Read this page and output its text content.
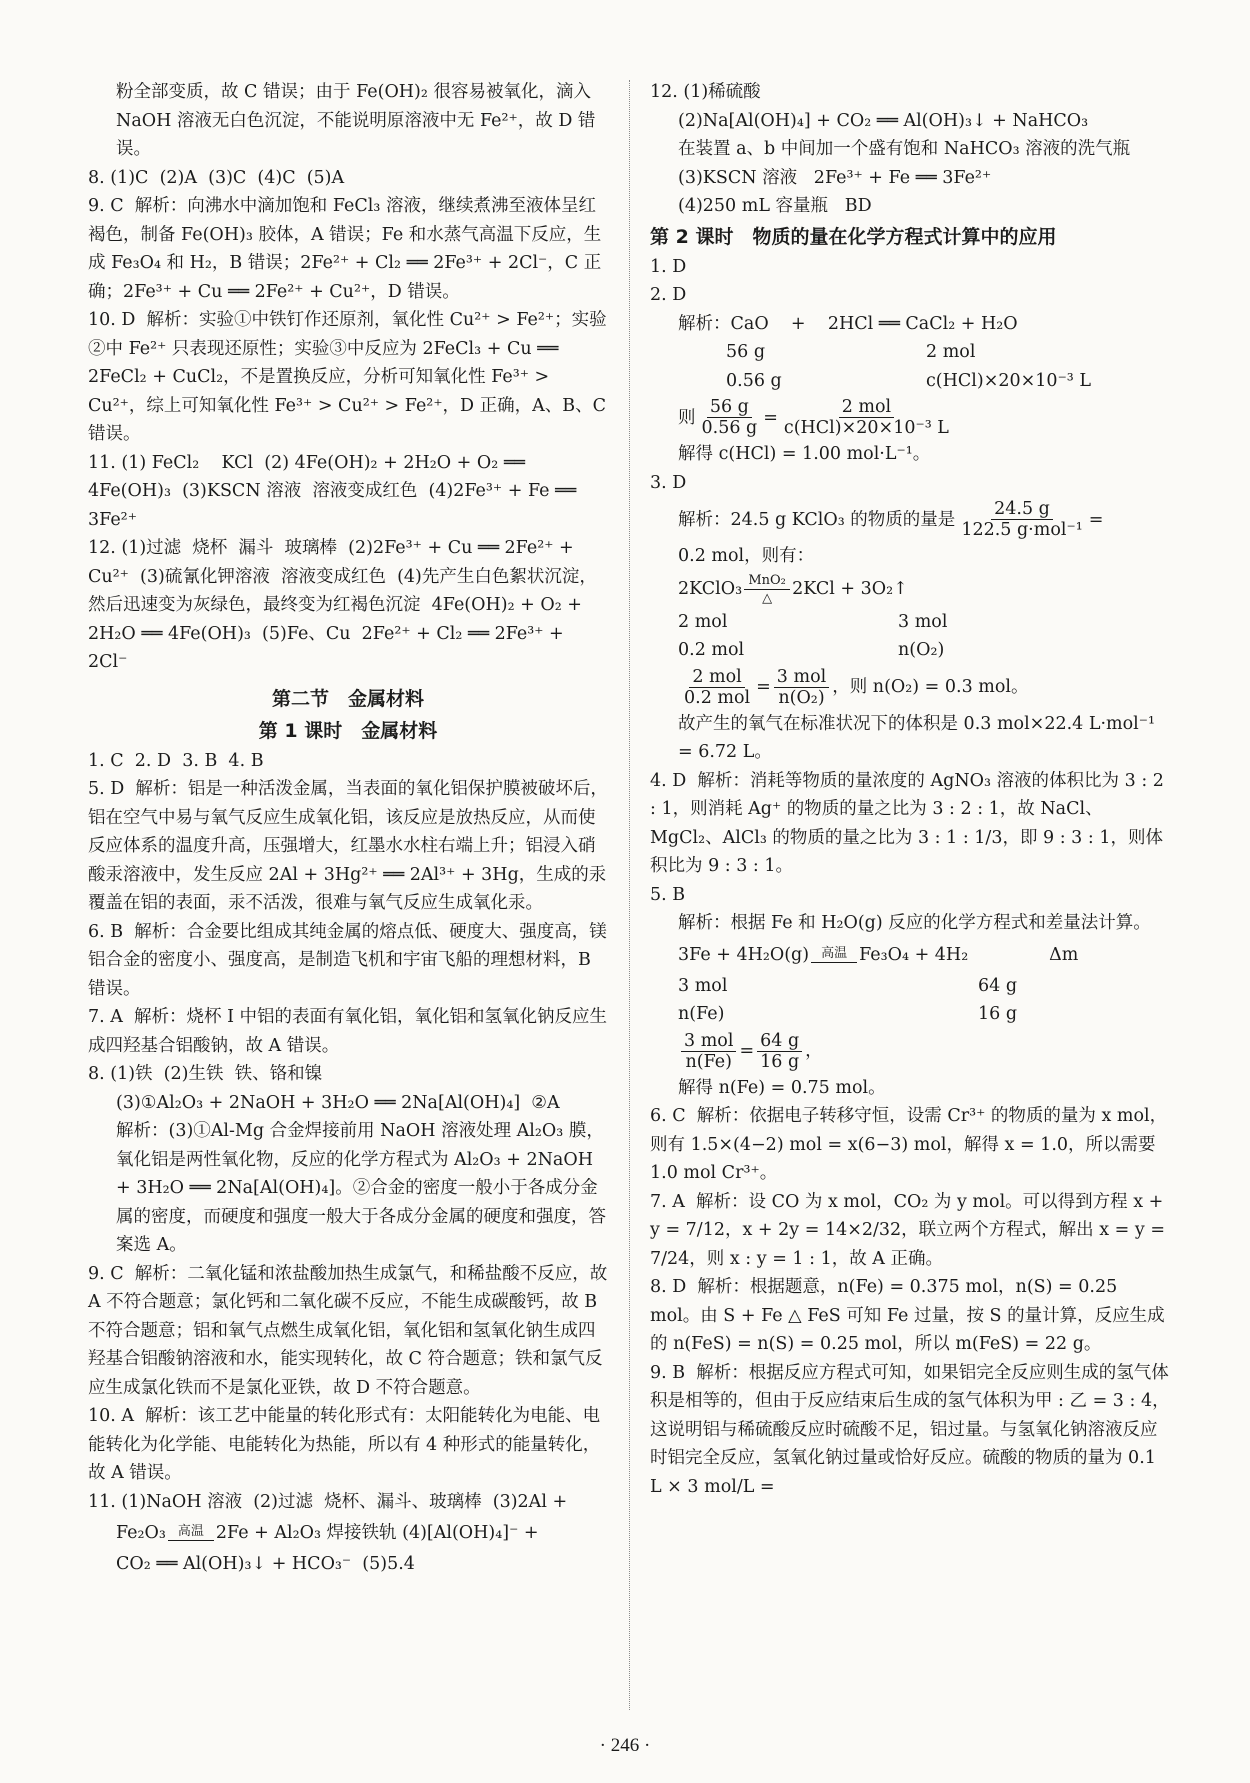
粉全部变质，故 C 错误；由于 Fe(OH)₂ 很容易被氧化，滴入 NaOH 溶液无白色沉淀，不能说明原溶液中无 Fe²⁺，故 D 错误。

8. (1)C  (2)A  (3)C  (4)C  (5)A

9. C  解析：向沸水中滴加饱和 FeCl₃ 溶液，继续煮沸至液体呈红褐色，制备 Fe(OH)₃ 胶体，A 错误；Fe 和水蒸气高温下反应，生成 Fe₃O₄ 和 H₂，B 错误；2Fe²⁺ + Cl₂ ══ 2Fe³⁺ + 2Cl⁻，C 正确；2Fe³⁺ + Cu ══ 2Fe²⁺ + Cu²⁺，D 错误。

10. D  解析：实验①中铁钉作还原剂，氧化性 Cu²⁺ > Fe²⁺；实验②中 Fe²⁺ 只表现还原性；实验③中反应为 2FeCl₃ + Cu ══ 2FeCl₂ + CuCl₂，不是置换反应，分析可知氧化性 Fe³⁺ > Cu²⁺，综上可知氧化性 Fe³⁺ > Cu²⁺ > Fe²⁺，D 正确，A、B、C 错误。

11. (1) FeCl₂    KCl  (2) 4Fe(OH)₂ + 2H₂O + O₂ ══ 4Fe(OH)₃  (3)KSCN 溶液  溶液变成红色  (4)2Fe³⁺ + Fe ══ 3Fe²⁺

12. (1)过滤  烧杯  漏斗  玻璃棒  (2)2Fe³⁺ + Cu ══ 2Fe²⁺ + Cu²⁺  (3)硫氰化钾溶液  溶液变成红色  (4)先产生白色絮状沉淀，然后迅速变为灰绿色，最终变为红褐色沉淀  4Fe(OH)₂ + O₂ + 2H₂O ══ 4Fe(OH)₃  (5)Fe、Cu  2Fe²⁺ + Cl₂ ══ 2Fe³⁺ + 2Cl⁻

第二节　金属材料

第 1 课时　金属材料

1. C  2. D  3. B  4. B

5. D  解析：铝是一种活泼金属，当表面的氧化铝保护膜被破坏后，铝在空气中易与氧气反应生成氧化铝，该反应是放热反应，从而使反应体系的温度升高，压强增大，红墨水水柱右端上升；铝浸入硝酸汞溶液中，发生反应 2Al + 3Hg²⁺ ══ 2Al³⁺ + 3Hg，生成的汞覆盖在铝的表面，汞不活泼，很难与氧气反应生成氧化汞。

6. B  解析：合金要比组成其纯金属的熔点低、硬度大、强度高，镁铝合金的密度小、强度高，是制造飞机和宇宙飞船的理想材料，B 错误。

7. A  解析：烧杯 Ⅰ 中铝的表面有氧化铝，氧化铝和氢氧化钠反应生成四羟基合铝酸钠，故 A 错误。

8. (1)铁  (2)生铁  铁、铬和镍

(3)①Al₂O₃ + 2NaOH + 3H₂O ══ 2Na[Al(OH)₄]  ②A

解析：(3)①Al-Mg 合金焊接前用 NaOH 溶液处理 Al₂O₃ 膜，氧化铝是两性氧化物，反应的化学方程式为 Al₂O₃ + 2NaOH + 3H₂O ══ 2Na[Al(OH)₄]。②合金的密度一般小于各成分金属的密度，而硬度和强度一般大于各成分金属的硬度和强度，答案选 A。

9. C  解析：二氧化锰和浓盐酸加热生成氯气，和稀盐酸不反应，故 A 不符合题意；氯化钙和二氧化碳不反应，不能生成碳酸钙，故 B 不符合题意；铝和氧气点燃生成氧化铝，氧化铝和氢氧化钠生成四羟基合铝酸钠溶液和水，能实现转化，故 C 符合题意；铁和氯气反应生成氯化铁而不是氯化亚铁，故 D 不符合题意。

10. A  解析：该工艺中能量的转化形式有：太阳能转化为电能、电能转化为化学能、电能转化为热能，所以有 4 种形式的能量转化，故 A 错误。

11. (1)NaOH 溶液  (2)过滤  烧杯、漏斗、玻璃棒  (3)2Al +

Fe₂O₃ 高温 2Fe + Al₂O₃ 焊接铁轨 (4)[Al(OH)₄]⁻ +

CO₂ ══ Al(OH)₃↓ + HCO₃⁻  (5)5.4

12. (1)稀硫酸

(2)Na[Al(OH)₄] + CO₂ ══ Al(OH)₃↓ + NaHCO₃

在装置 a、b 中间加一个盛有饱和 NaHCO₃ 溶液的洗气瓶

(3)KSCN 溶液   2Fe³⁺ + Fe ══ 3Fe²⁺

(4)250 mL 容量瓶   BD

第 2 课时　物质的量在化学方程式计算中的应用

1. D

2. D

解析：CaO    +    2HCl ══ CaCl₂ + H₂O

56 g	2 mol
0.56 g	c(HCl)×20×10⁻³ L
则 $\frac{56 g}{0.56 g} = \frac{\text{2 mol}}{\text{c(HCl)×20×10⁻³ L}}$

解得 c(HCl) = 1.00 mol·L⁻¹。

3. D

解析：24.5 g KClO₃ 的物质的量是 $\frac{24.5 g}{\text{122.5 g·mol⁻¹}}$ =

0.2 mol，则有：

2KClO₃ MnO₂
△ 2KCl + 3O₂↑
2 mol	3 mol
0.2 mol	n(O₂)
$\frac{\text{2 mol}}{\text{0.2 mol}} = \frac{\text{3 mol}}{\text{n(O₂)}}$ ，则 n(O₂) = 0.3 mol。

故产生的氧气在标准状况下的体积是 0.3 mol×22.4 L·mol⁻¹ = 6.72 L。

4. D  解析：消耗等物质的量浓度的 AgNO₃ 溶液的体积比为 3 : 2 : 1，则消耗 Ag⁺ 的物质的量之比为 3 : 2 : 1，故 NaCl、MgCl₂、AlCl₃ 的物质的量之比为 3 : 1 : 1/3，即 9 : 3 : 1，则体积比为 9 : 3 : 1。

5. B

解析：根据 Fe 和 H₂O(g) 反应的化学方程式和差量法计算。

3Fe + 4H₂O(g) 高温 Fe₃O₄ + 4H₂	Δm
3 mol	64 g
n(Fe)	16 g
$\frac{\text{3 mol}}{n(Fe)} = \frac{64 g}{16 g}$ ，

解得 n(Fe) = 0.75 mol。

6. C  解析：依据电子转移守恒，设需 Cr³⁺ 的物质的量为 x mol，则有 1.5×(4−2) mol = x(6−3) mol，解得 x = 1.0，所以需要 1.0 mol Cr³⁺。

7. A  解析：设 CO 为 x mol，CO₂ 为 y mol。可以得到方程 x + y = 7/12，x + 2y = 14×2/32，联立两个方程式，解出 x = y = 7/24，则 x : y = 1 : 1，故 A 正确。

8. D  解析：根据题意，n(Fe) = 0.375 mol，n(S) = 0.25 mol。由 S + Fe △ FeS 可知 Fe 过量，按 S 的量计算，反应生成的 n(FeS) = n(S) = 0.25 mol，所以 m(FeS) = 22 g。

9. B  解析：根据反应方程式可知，如果铝完全反应则生成的氢气体积是相等的，但由于反应结束后生成的氢气体积为甲 : 乙 = 3 : 4，这说明铝与稀硫酸反应时硫酸不足，铝过量。与氢氧化钠溶液反应时铝完全反应，氢氧化钠过量或恰好反应。硫酸的物质的量为 0.1 L × 3 mol/L =

· 246 ·
